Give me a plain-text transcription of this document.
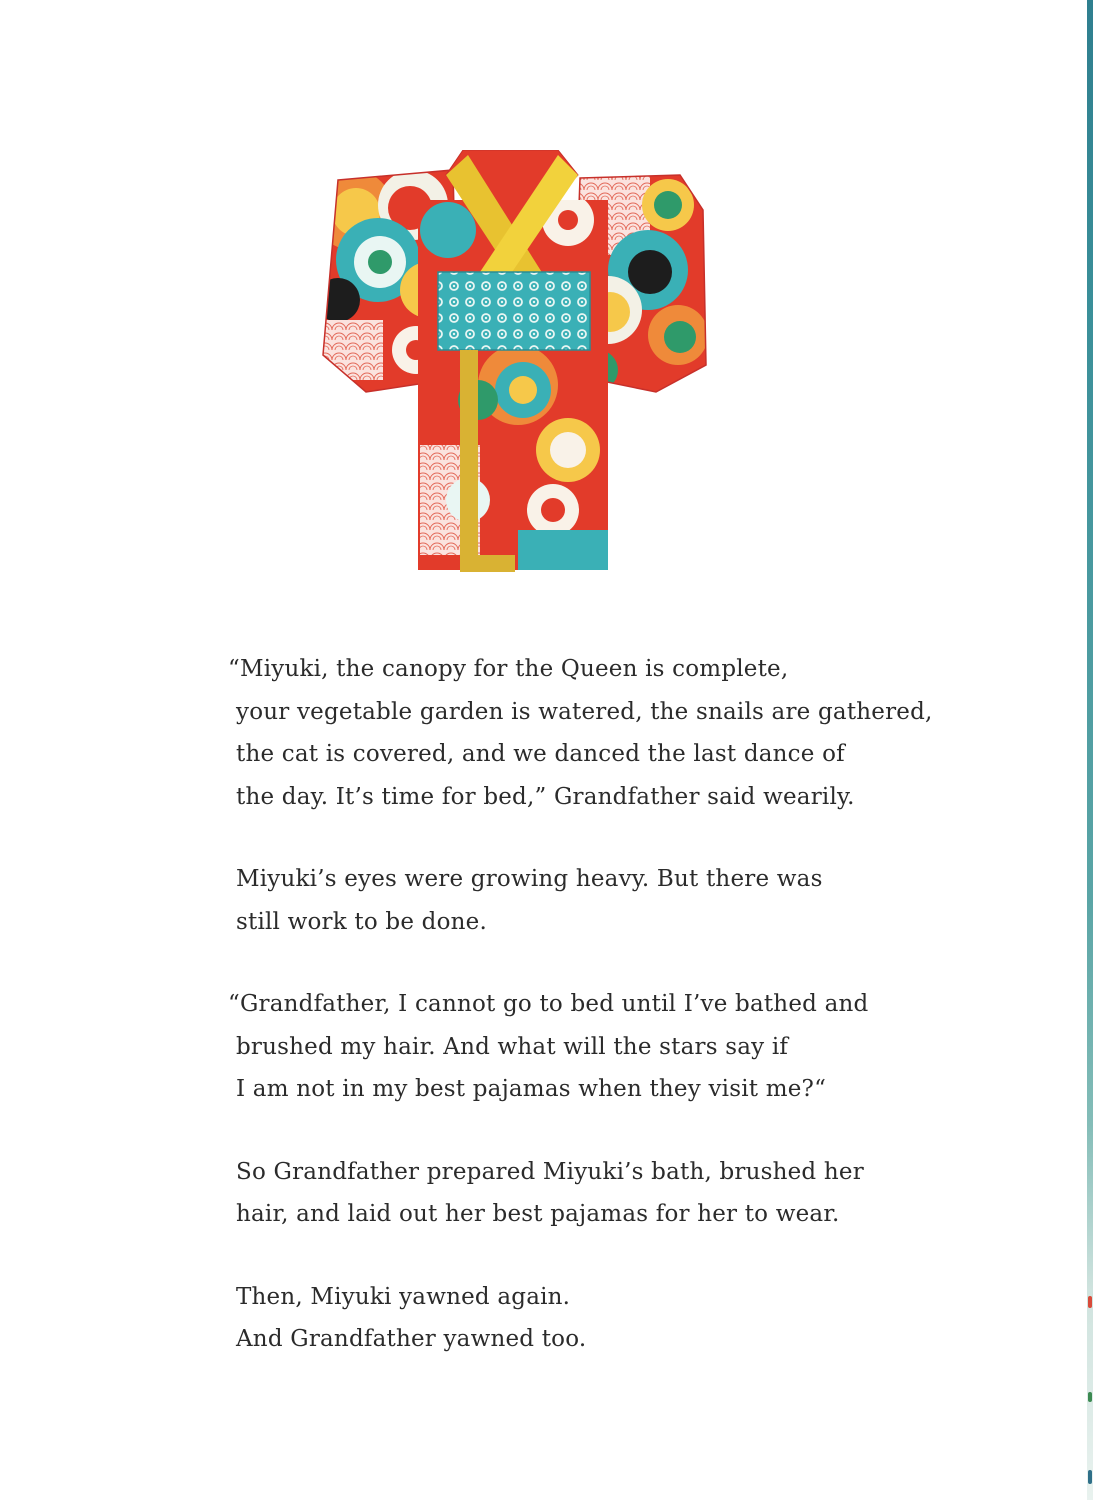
“Miyuki, the canopy for the Queen is complete,
your vegetable garden is watered, the snails are gathered,
the cat is covered, and we danced the last dance of
the day. It’s time for bed,” Grandfather said wearily.
Miyuki’s eyes were growing heavy. But there was
still work to be done.
“Grandfather, I cannot go to bed until I’ve bathed and
brushed my hair. And what will the stars say if
I am not in my best pajamas when they visit me?“
So Grandfather prepared Miyuki’s bath, brushed her
hair, and laid out her best pajamas for her to wear.
Then, Miyuki yawned again.
And Grandfather yawned too.
